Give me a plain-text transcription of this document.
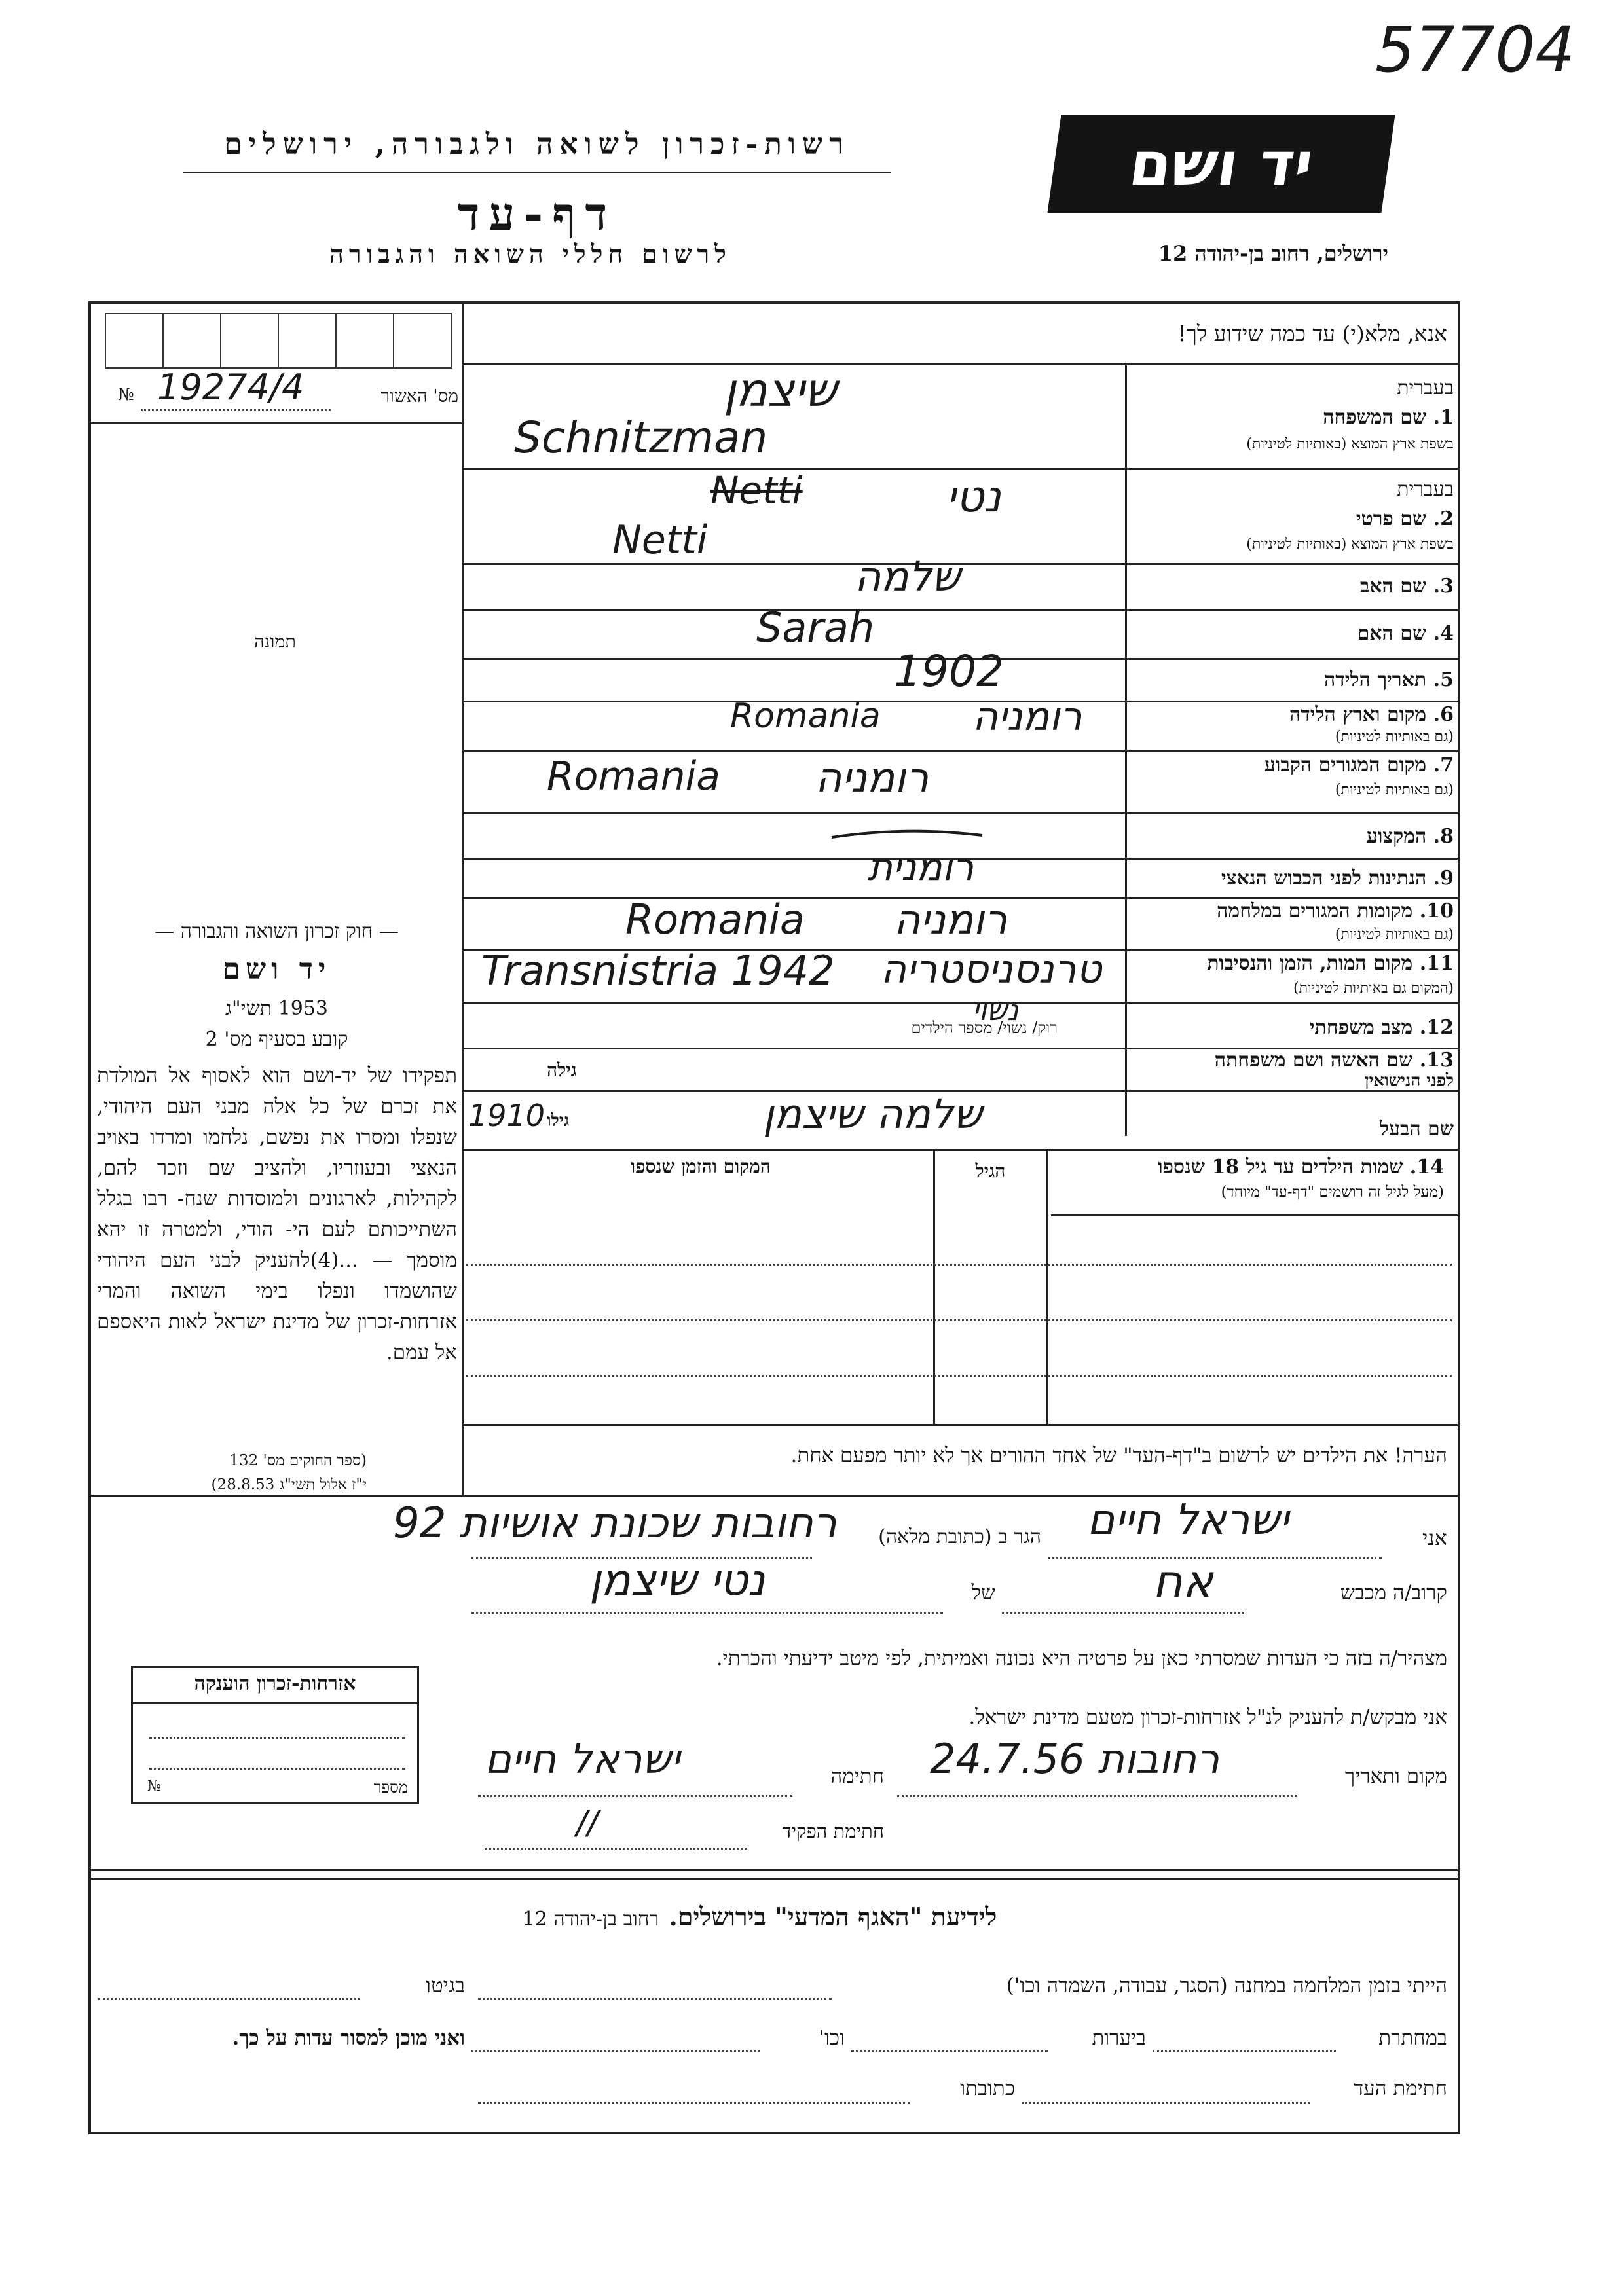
57704
רשות-זכרון לשואה ולגבורה, ירושלים
דף-עד
לרשום חללי השואה והגבורה
יד ושם
ירושלים, רחוב בן-יהודה 12
№ 19274/4	מס' האשור
תמונה
— חוק זכרון השואה והגבורה —
יד ושם
1953 תשי"ג
קובע בסעיף מס' 2
תפקידו של יד-ושם הוא לאסוף אל המולדת את זכרם של כל אלה מבני העם היהודי, שנפלו ומסרו את נפשם, נלחמו ומרדו באויב הנאצי ובעוזריו, ולהציב שם וזכר להם, לקהילות, לארגונים ולמוסדות שנח- רבו בגלל השתייכותם לעם הי- הודי, ולמטרה זו יהא מוסמך — ...(4)להעניק לבני העם היהודי שהושמדו ונפלו בימי השואה והמרי אזרחות-זכרון של מדינת ישראל לאות היאספם אל עמם.
(ספר החוקים מס' 132
י"ז אלול תשי"ג 28.8.53)
אנא, מלא(י) עד כמה שידוע לך!
בעברית
1. שם המשפחה
בשפת ארץ המוצא (באותיות לטיניות)
שיצמן
Schnitzman
בעברית
2. שם פרטי
בשפת ארץ המוצא (באותיות לטיניות)
Netti	נטי
Netti
3. שם האב
שלמה
4. שם האם
Sarah
5. תאריך הלידה
1902
6. מקום וארץ הלידה
(גם באותיות לטיניות)
Romania רומניה
7. מקום המגורים הקבוע
(גם באותיות לטיניות)
Romania רומניה
8. המקצוע
9. הנתינות לפני הכבוש הנאצי
רומנית
10. מקומות המגורים במלחמה
(גם באותיות לטיניות)
Romania רומניה
11. מקום המות, הזמן והנסיבות
(המקום גם באותיות לטיניות)
Transnistria 1942 טרנסניסטריה
12. מצב משפחתי
רוק/ נשוי/ מספר הילדים
נשוי
13. שם האשה ושם משפחתה
לפני הנישואין
גילה
שם הבעל
שלמה שיצמן
גילו
1910
14. שמות הילדים עד גיל 18 שנספו
(מעל לגיל זה רושמים "דף-עד" מיוחד)
הגיל
המקום והזמן שנספו
הערה! את הילדים יש לרשום ב"דף-העד" של אחד ההורים אך לא יותר מפעם אחת.
אני
ישראל חיים
הגר ב (כתובת מלאה)
רחובות שכונת אושיות 92
קרוב/ה מכבש
אח
של
נטי שיצמן
מצהיר/ה בזה כי העדות שמסרתי כאן על פרטיה היא נכונה ואמיתית, לפי מיטב ידיעתי והכרתי.
אני מבקש/ת להעניק לנ"ל אזרחות-זכרון מטעם מדינת ישראל.
מקום ותאריך
רחובות 24.7.56
חתימה
ישראל חיים
חתימת הפקיד
//
אזרחות-זכרון הוענקה
№	מספר
לידיעת "האגף המדעי" בירושלים.   רחוב בן-יהודה 12
הייתי בזמן המלחמה במחנה (הסגר, עבודה, השמדה וכו')
בגיטו
במחתרת
ביערות
וכו'
ואני מוכן למסור עדות על כך.
חתימת העד
כתובתו
